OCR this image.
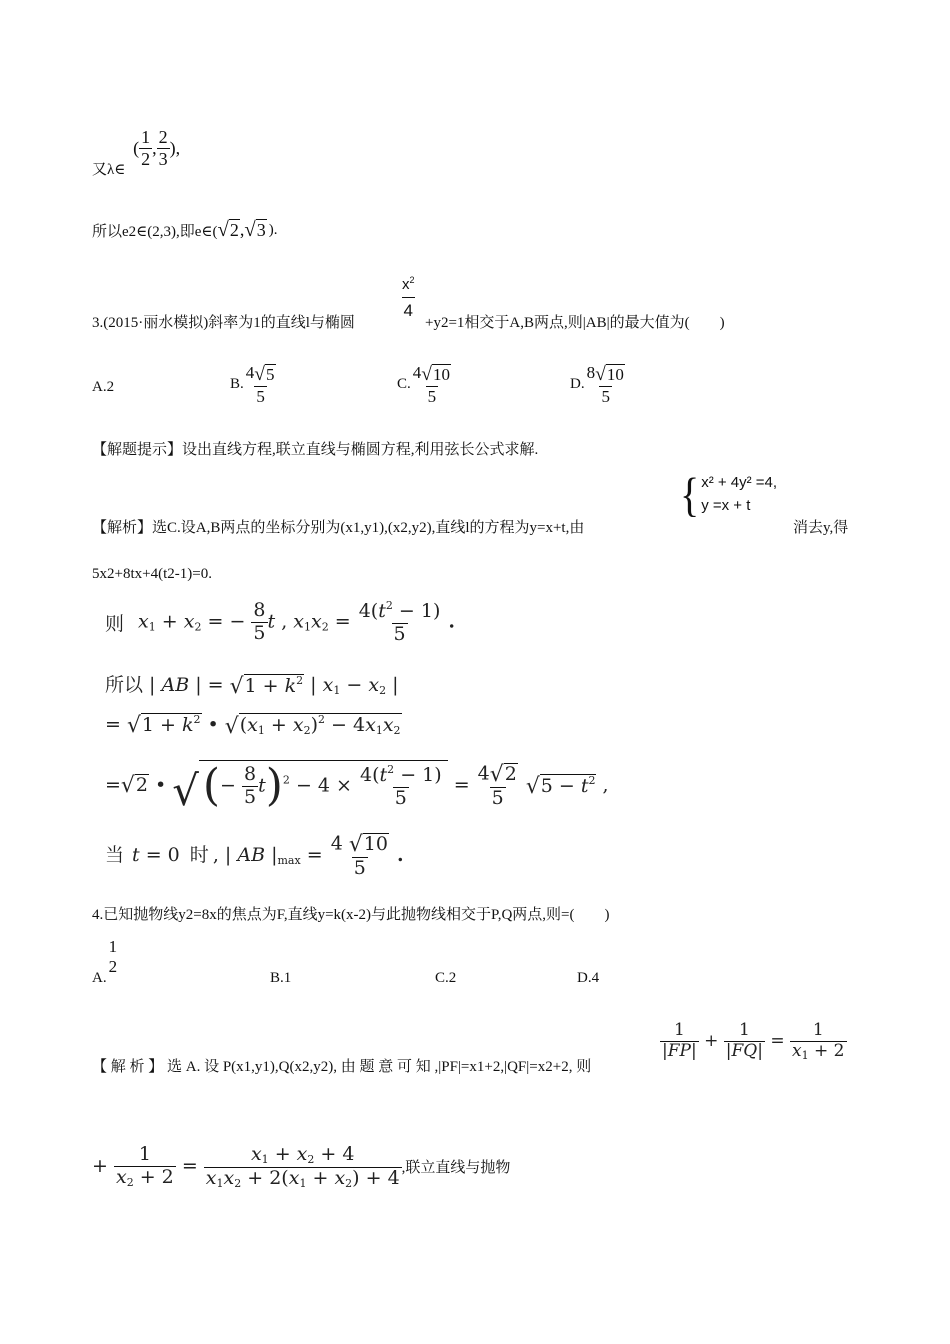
又λ∈ ( $\frac{1}{2}$ , $\frac{2}{3}$ ),
所以e2∈(2,3),即e∈( √ 2 , √ 3 ).
$\frac{x^2}{4}$
3.(2015·丽水模拟)斜率为1的直线l与椭圆	+y2=1相交于A,B两点,则|AB|的最大值为(　　)
A.2	B. $\frac{4 √ 5}{5}$	C. $\frac{4 √ 10}{5}$	D. $\frac{8 √ 10}{5}$
【解题提示】设出直线方程,联立直线与椭圆方程,利用弦长公式求解.
{ x² + 4y² =4,
y =x + t
【解析】选C.设A,B两点的坐标分别为(x1,y1),(x2,y2),直线l的方程为y=x+t,由	消去y,得
5x2+8tx+4(t2-1)=0.
则 $x_1 + x_2$ = − $\frac{8}{5}$ t , $x_1x_2 = \frac{4(t^2 - 1)}{5}$ .
所以 | AB | = √ $1 + k^2$ | $x_1 - x_2$ |
= √ $1 + k^2$ • √ $(x_1 + x_2)^2 - 4x_1x_2$
= √ 2 • √ (− $\frac{8}{5} t)^2 - 4 \times \frac{4(t^2 - 1)}{5} = \frac{4 √ 2}{5}$
√ $5 - t^2$ ,
当 t = 0 时 , | AB $|_{max} = \frac{4 √ 10}{5}$ .
4.已知抛物线y2=8x的焦点为F,直线y=k(x-2)与此抛物线相交于P,Q两点,则=(　　)
A.
1
2
B.1	C.2	D.4
【 解 析 】 选 A. 设 P(x1,y1),Q(x2,y2), 由 题 意 可 知 ,|PF|=x1+2,|QF|=x2+2, 则
$\frac{1}{|FP|} + \frac{1}{|FQ|} = \frac{1}{x_1 + 2}$
+ $\frac{1}{x_2 + 2} = \frac{x_1 + x_2 + 4}{x_1x_2 + 2(x_1 + x_2) + 4}$ ,联立直线与抛物
